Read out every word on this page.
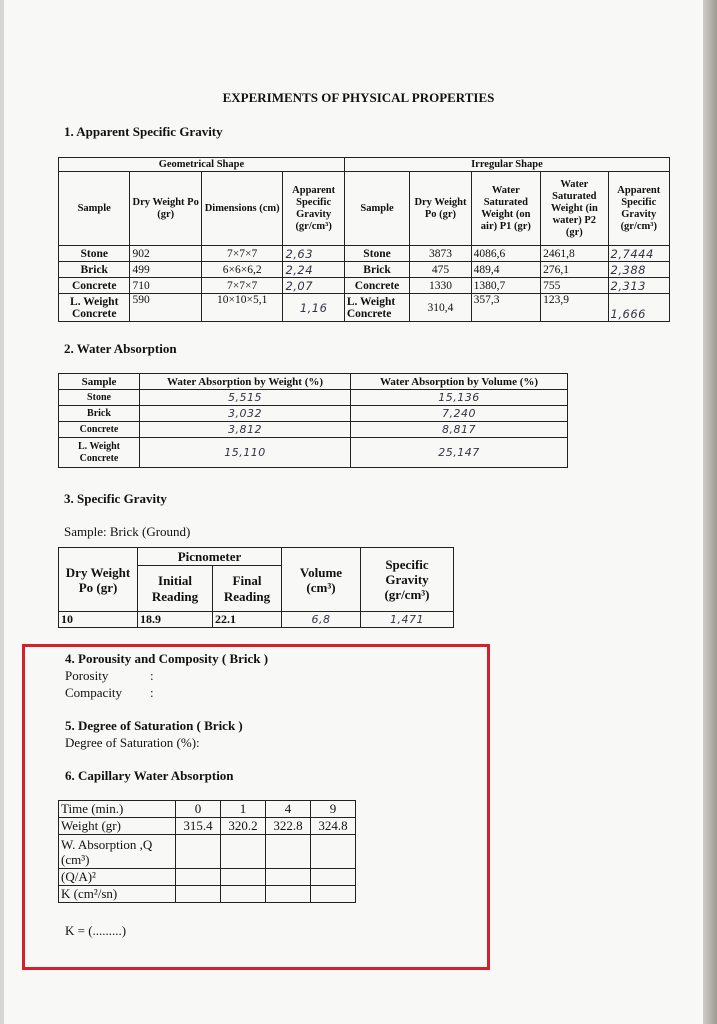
EXPERIMENTS OF PHYSICAL PROPERTIES
1. Apparent Specific Gravity
Geometrical Shape				Irregular Shape				
Sample	Dry Weight Po (gr)	Dimensions (cm)	Apparent Specific Gravity (gr/cm³)	Sample	Dry Weight Po (gr)	Water Saturated Weight (on air) P1 (gr)	Water Saturated Weight (in water) P2 (gr)	Apparent Specific Gravity (gr/cm³)
Stone	902	7×7×7	2,63	Stone	3873	4086,6	2461,8	2,7444
Brick	499	6×6×6,2	2,24	Brick	475	489,4	276,1	2,388
Concrete	710	7×7×7	2,07	Concrete	1330	1380,7	755	2,313
L. Weight Concrete	590	10×10×5,1	1,16	L. Weight Concrete	310,4	357,3	123,9	1,666
2. Water Absorption
Sample	Water Absorption by Weight (%)	Water Absorption by Volume (%)
Stone	5,515	15,136
Brick	3,032	7,240
Concrete	3,812	8,817
L. Weight Concrete	15,110	25,147
3. Specific Gravity
Sample: Brick (Ground)
Dry Weight Po (gr)	Picnometer		Volume (cm³)	Specific Gravity (gr/cm³)
	Initial Reading	Final Reading		
10	18.9	22.1	6,8	1,471
4. Porousity and Composity ( Brick )
Porosity	:
Compacity :
5. Degree of Saturation ( Brick )
Degree of Saturation (%):
6. Capillary Water Absorption
Time (min.)	0	1	4	9
Weight (gr)	315.4	320.2	322.8	324.8
W. Absorption ,Q (cm³)				
(Q/A)²				
K (cm²/sn)				
K = (.........)
